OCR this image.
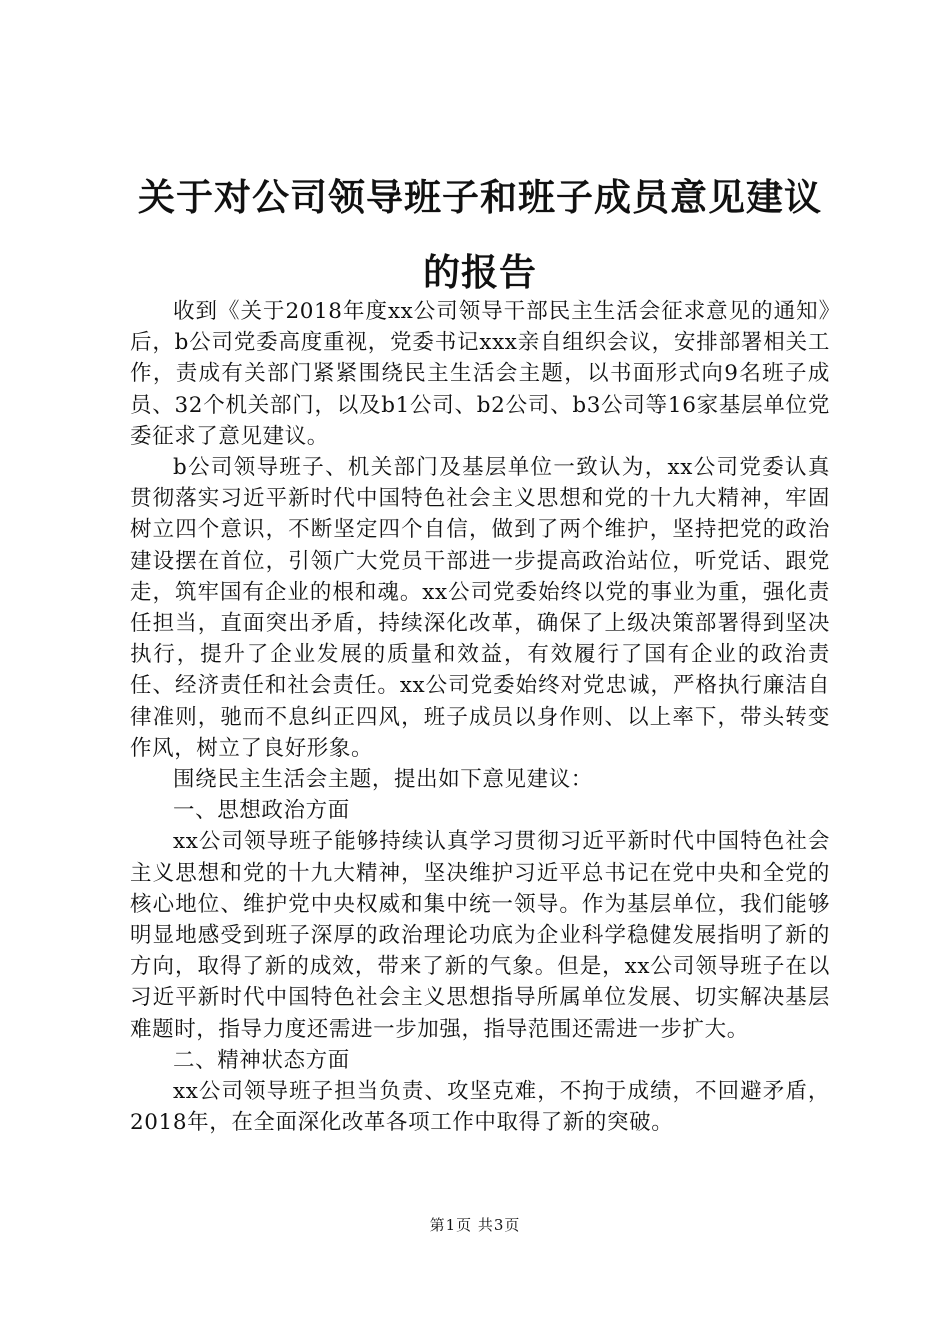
关于对公司领导班子和班子成员意见建议的报告

收到《关于2018年度xx公司领导干部民主生活会征求意见的通知》后，b公司党委高度重视，党委书记xxx亲自组织会议，安排部署相关工作，责成有关部门紧紧围绕民主生活会主题，以书面形式向9名班子成员、32个机关部门，以及b1公司、b2公司、b3公司等16家基层单位党委征求了意见建议。

b公司领导班子、机关部门及基层单位一致认为，xx公司党委认真贯彻落实习近平新时代中国特色社会主义思想和党的十九大精神，牢固树立四个意识，不断坚定四个自信，做到了两个维护，坚持把党的政治建设摆在首位，引领广大党员干部进一步提高政治站位，听党话、跟党走，筑牢国有企业的根和魂。xx公司党委始终以党的事业为重，强化责任担当，直面突出矛盾，持续深化改革，确保了上级决策部署得到坚决执行，提升了企业发展的质量和效益，有效履行了国有企业的政治责任、经济责任和社会责任。xx公司党委始终对党忠诚，严格执行廉洁自律准则，驰而不息纠正四风，班子成员以身作则、以上率下，带头转变作风，树立了良好形象。

围绕民主生活会主题，提出如下意见建议：

一、思想政治方面

xx公司领导班子能够持续认真学习贯彻习近平新时代中国特色社会主义思想和党的十九大精神，坚决维护习近平总书记在党中央和全党的核心地位、维护党中央权威和集中统一领导。作为基层单位，我们能够明显地感受到班子深厚的政治理论功底为企业科学稳健发展指明了新的方向，取得了新的成效，带来了新的气象。但是，xx公司领导班子在以习近平新时代中国特色社会主义思想指导所属单位发展、切实解决基层难题时，指导力度还需进一步加强，指导范围还需进一步扩大。

二、精神状态方面

xx公司领导班子担当负责、攻坚克难，不拘于成绩，不回避矛盾，2018年，在全面深化改革各项工作中取得了新的突破。

第1页 共3页
